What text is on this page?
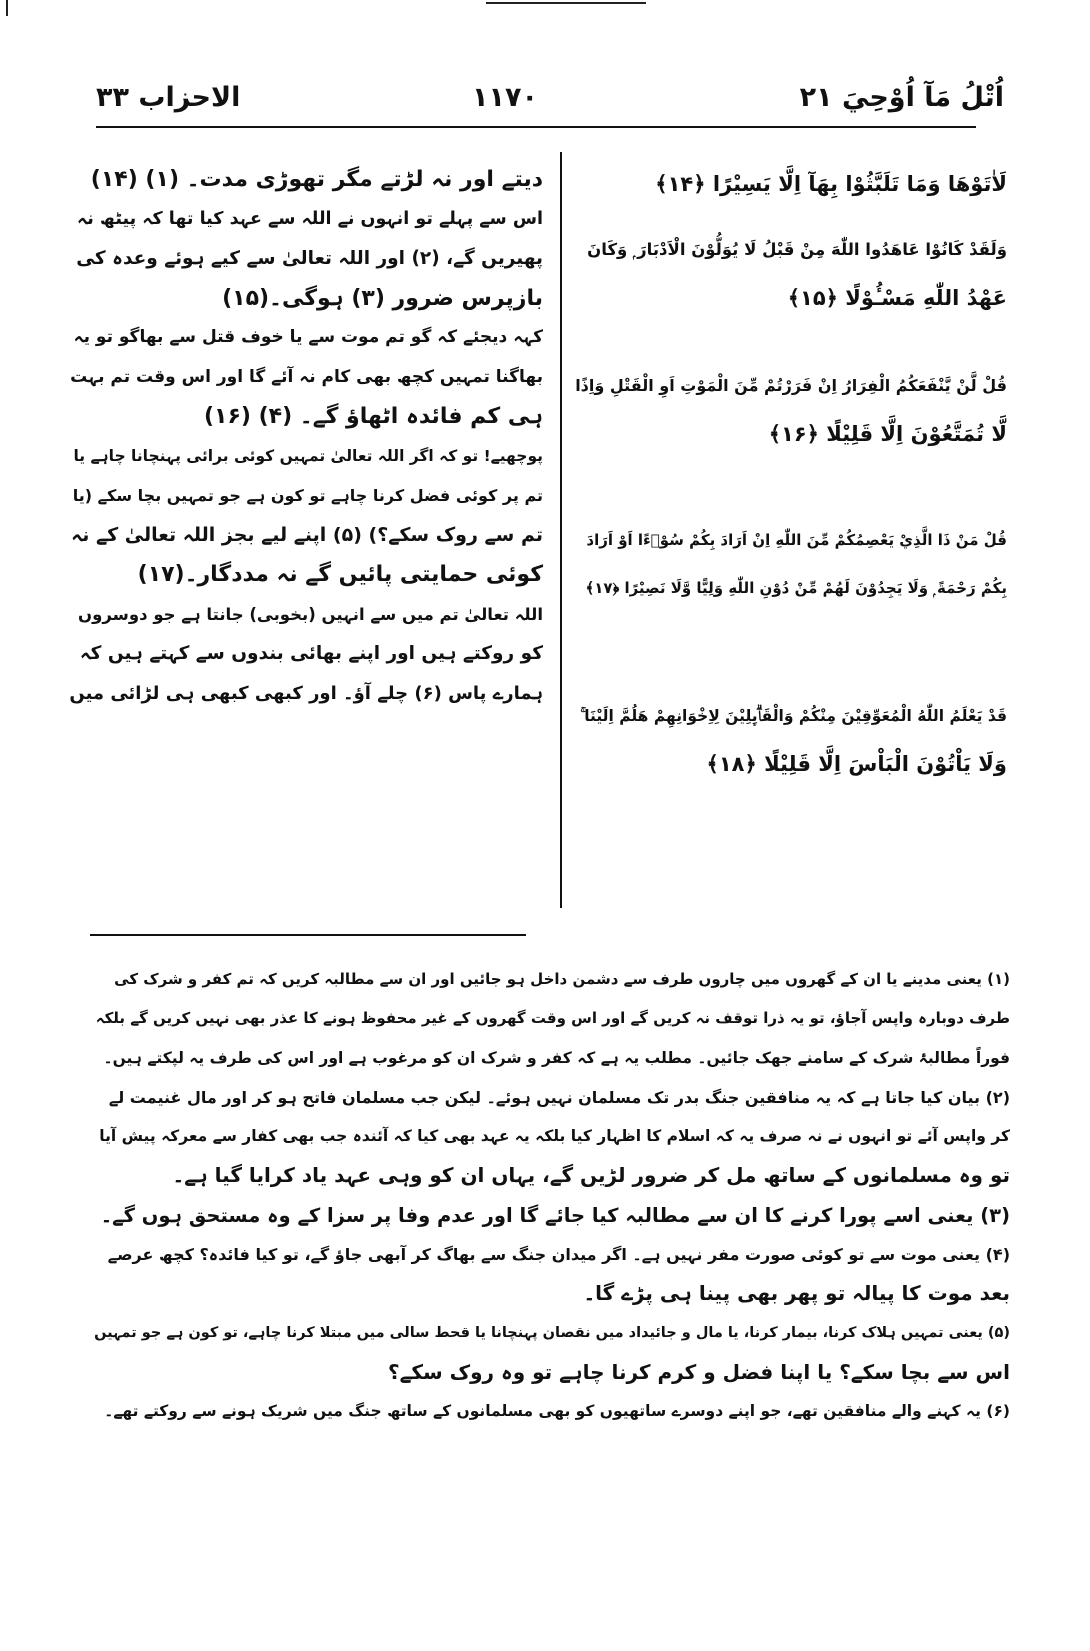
اُتْلُ مَآ اُوْحِيَ ۲۱
۱۱۷۰
الاحزاب ۳۳

لَاٰتَوْهَا وَمَا تَلَبَّثُوْا بِهَآ اِلَّا يَسِيْرًا ﴿۱۴﴾

وَلَقَدْ كَانُوْا عَاهَدُوا اللّٰهَ مِنْ قَبْلُ لَا يُوَلُّوْنَ الْاَدْبَارَ ۭ وَكَانَ

عَهْدُ اللّٰهِ مَسْـُٔوْلًا ﴿۱۵﴾

قُلْ لَّنْ يَّنْفَعَكُمُ الْفِرَارُ اِنْ فَرَرْتُمْ مِّنَ الْمَوْتِ اَوِ الْقَتْلِ وَاِذًا

لَّا تُمَتَّعُوْنَ اِلَّا قَلِيْلًا ﴿۱۶﴾

قُلْ مَنْ ذَا الَّذِيْ يَعْصِمُكُمْ مِّنَ اللّٰهِ اِنْ اَرَادَ بِكُمْ سُوْۗءًا اَوْ اَرَادَ

بِكُمْ رَحْمَةً ۭ وَلَا يَجِدُوْنَ لَهُمْ مِّنْ دُوْنِ اللّٰهِ وَلِيًّا وَّلَا نَصِيْرًا ﴿۱۷﴾

قَدْ يَعْلَمُ اللّٰهُ الْمُعَوِّقِيْنَ مِنْكُمْ وَالْقَاۗىِٕلِيْنَ لِاِخْوَانِهِمْ هَلُمَّ اِلَيْنَا ۚ

وَلَا يَاْتُوْنَ الْبَاْسَ اِلَّا قَلِيْلًا ﴿۱۸﴾

دیتے اور نہ لڑتے مگر تھوڑی مدت۔ (۱) (۱۴)

اس سے پہلے تو انہوں نے اللہ سے عہد کیا تھا کہ پیٹھ نہ

پھیریں گے، (۲) اور اللہ تعالیٰ سے کیے ہوئے وعدہ کی

بازپرس ضرور (۳) ہوگی۔(۱۵)

کہہ دیجئے کہ گو تم موت سے یا خوف قتل سے بھاگو تو یہ

بھاگنا تمہیں کچھ بھی کام نہ آئے گا اور اس وقت تم بہت

ہی کم فائدہ اٹھاؤ گے۔ (۴) (۱۶)

پوچھیے! تو کہ اگر اللہ تعالیٰ تمہیں کوئی برائی پہنچانا چاہے یا

تم پر کوئی فضل کرنا چاہے تو کون ہے جو تمہیں بچا سکے (یا

تم سے روک سکے؟) (۵) اپنے لیے بجز اللہ تعالیٰ کے نہ

کوئی حمایتی پائیں گے نہ مددگار۔(۱۷)

اللہ تعالیٰ تم میں سے انہیں (بخوبی) جانتا ہے جو دوسروں

کو روکتے ہیں اور اپنے بھائی بندوں سے کہتے ہیں کہ

ہمارے پاس (۶) چلے آؤ۔ اور کبھی کبھی ہی لڑائی میں

(۱) یعنی مدینے یا ان کے گھروں میں چاروں طرف سے دشمن داخل ہو جائیں اور ان سے مطالبہ کریں کہ تم کفر و شرک کی

طرف دوبارہ واپس آجاؤ، تو یہ ذرا توقف نہ کریں گے اور اس وقت گھروں کے غیر محفوظ ہونے کا عذر بھی نہیں کریں گے بلکہ

فوراً مطالبۂ شرک کے سامنے جھک جائیں۔ مطلب یہ ہے کہ کفر و شرک ان کو مرغوب ہے اور اس کی طرف یہ لپکتے ہیں۔

(۲) بیان کیا جاتا ہے کہ یہ منافقین جنگ بدر تک مسلمان نہیں ہوئے۔ لیکن جب مسلمان فاتح ہو کر اور مال غنیمت لے

کر واپس آئے تو انہوں نے نہ صرف یہ کہ اسلام کا اظہار کیا بلکہ یہ عہد بھی کیا کہ آئندہ جب بھی کفار سے معرکہ پیش آیا

تو وہ مسلمانوں کے ساتھ مل کر ضرور لڑیں گے، یہاں ان کو وہی عہد یاد کرایا گیا ہے۔

(۳) یعنی اسے پورا کرنے کا ان سے مطالبہ کیا جائے گا اور عدم وفا پر سزا کے وہ مستحق ہوں گے۔

(۴) یعنی موت سے تو کوئی صورت مفر نہیں ہے۔ اگر میدان جنگ سے بھاگ کر آبھی جاؤ گے، تو کیا فائدہ؟ کچھ عرصے

بعد موت کا پیالہ تو پھر بھی پینا ہی پڑے گا۔

(۵) یعنی تمہیں ہلاک کرنا، بیمار کرنا، یا مال و جائیداد میں نقصان پہنچانا یا قحط سالی میں مبتلا کرنا چاہے، تو کون ہے جو تمہیں

اس سے بچا سکے؟ یا اپنا فضل و کرم کرنا چاہے تو وہ روک سکے؟

(۶) یہ کہنے والے منافقین تھے، جو اپنے دوسرے ساتھیوں کو بھی مسلمانوں کے ساتھ جنگ میں شریک ہونے سے روکتے تھے۔
